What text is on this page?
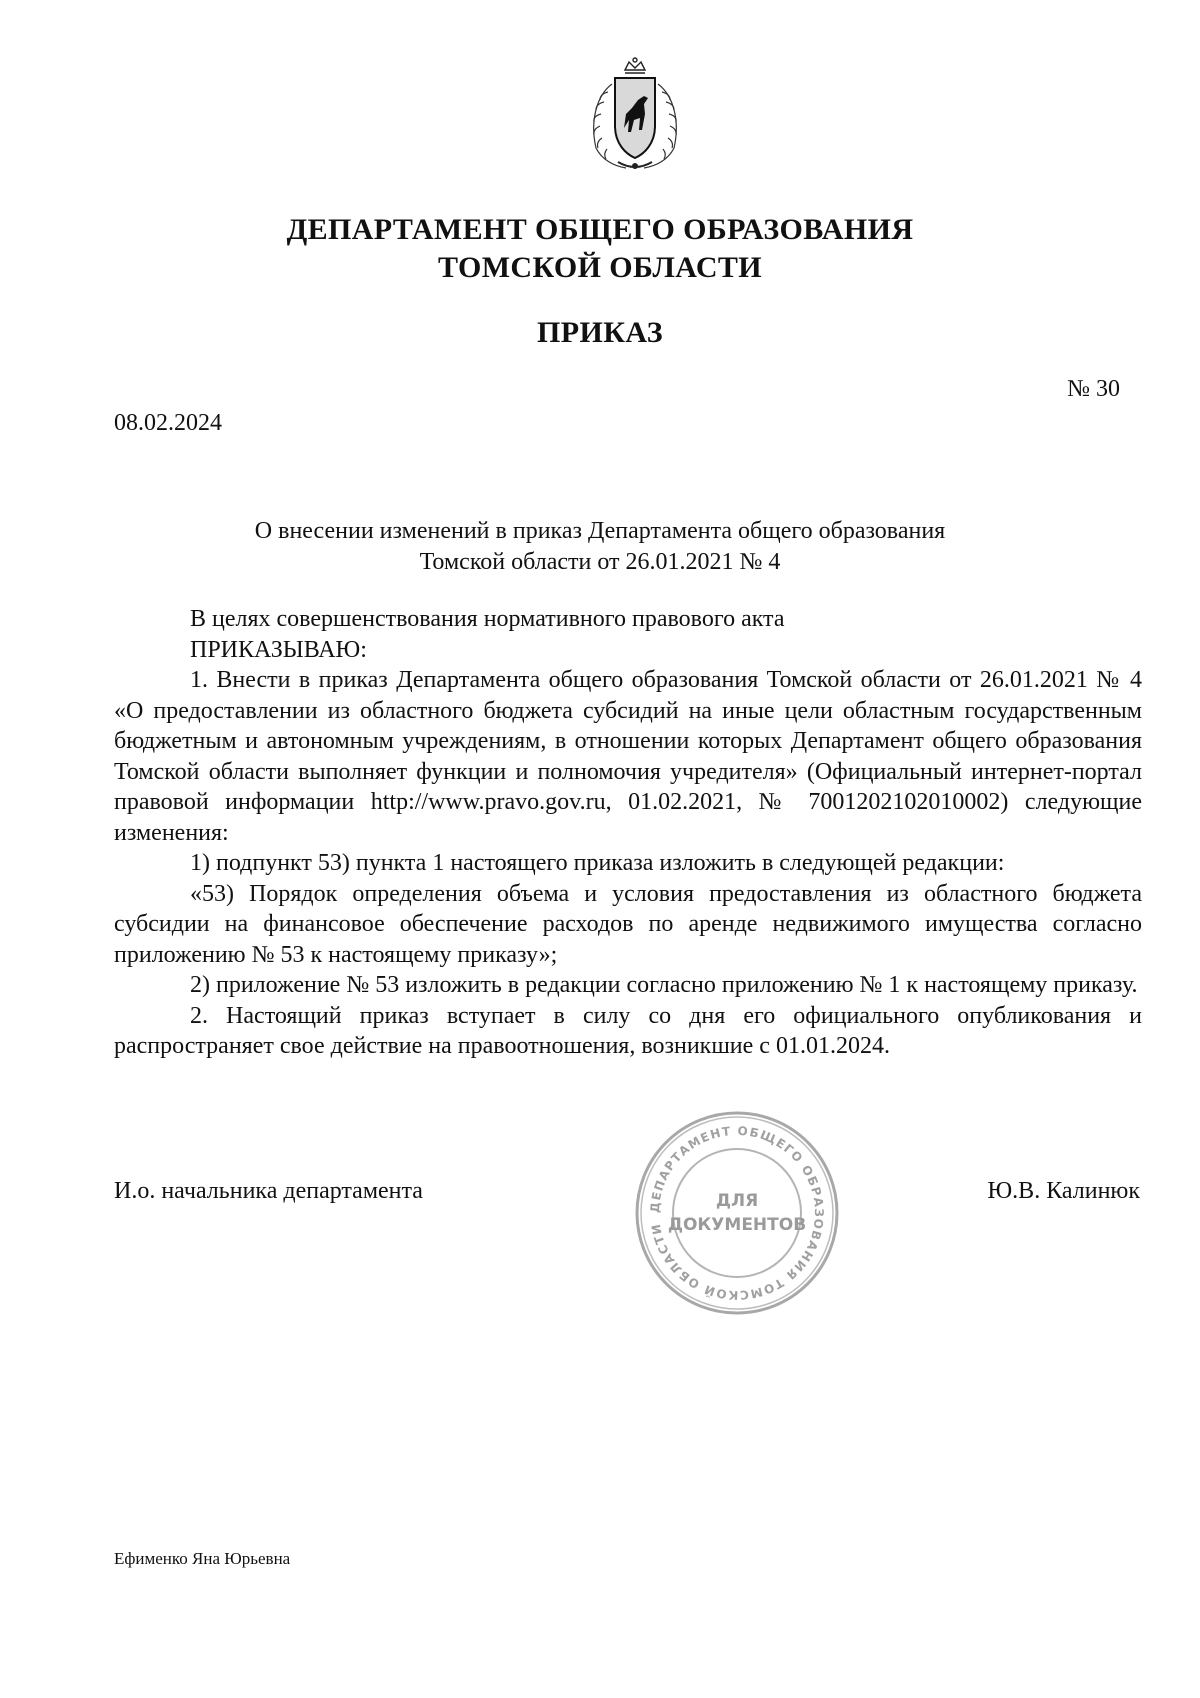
ДЕПАРТАМЕНТ ОБЩЕГО ОБРАЗОВАНИЯ
ТОМСКОЙ ОБЛАСТИ
ПРИКАЗ
№ 30
08.02.2024
О внесении изменений в приказ Департамента общего образования
Томской области от 26.01.2021 № 4

В целях совершенствования нормативного правового акта

ПРИКАЗЫВАЮ:

1. Внести в приказ Департамента общего образования Томской области от 26.01.2021 № 4 «О предоставлении из областного бюджета субсидий на иные цели областным государственным бюджетным и автономным учреждениям, в отношении которых Департамент общего образования Томской области выполняет функции и полномочия учредителя» (Официальный интернет-портал правовой информации http://www.pravo.gov.ru, 01.02.2021, № 7001202102010002) следующие изменения:

1) подпункт 53) пункта 1 настоящего приказа изложить в следующей редакции:

«53) Порядок определения объема и условия предоставления из областного бюджета субсидии на финансовое обеспечение расходов по аренде недвижимого имущества согласно приложению № 53 к настоящему приказу»;

2) приложение № 53 изложить в редакции согласно приложению № 1 к настоящему приказу.

2. Настоящий приказ вступает в силу со дня его официального опубликования и распространяет свое действие на правоотношения, возникшие с 01.01.2024.

И.о. начальника департамента
ДЕПАРТАМЕНТ ОБЩЕГО ОБРАЗОВАНИЯ ТОМСКОЙ ОБЛАСТИ
ДЛЯ
ДОКУМЕНТОВ
Ю.В. Калинюк
Ефименко Яна Юрьевна
